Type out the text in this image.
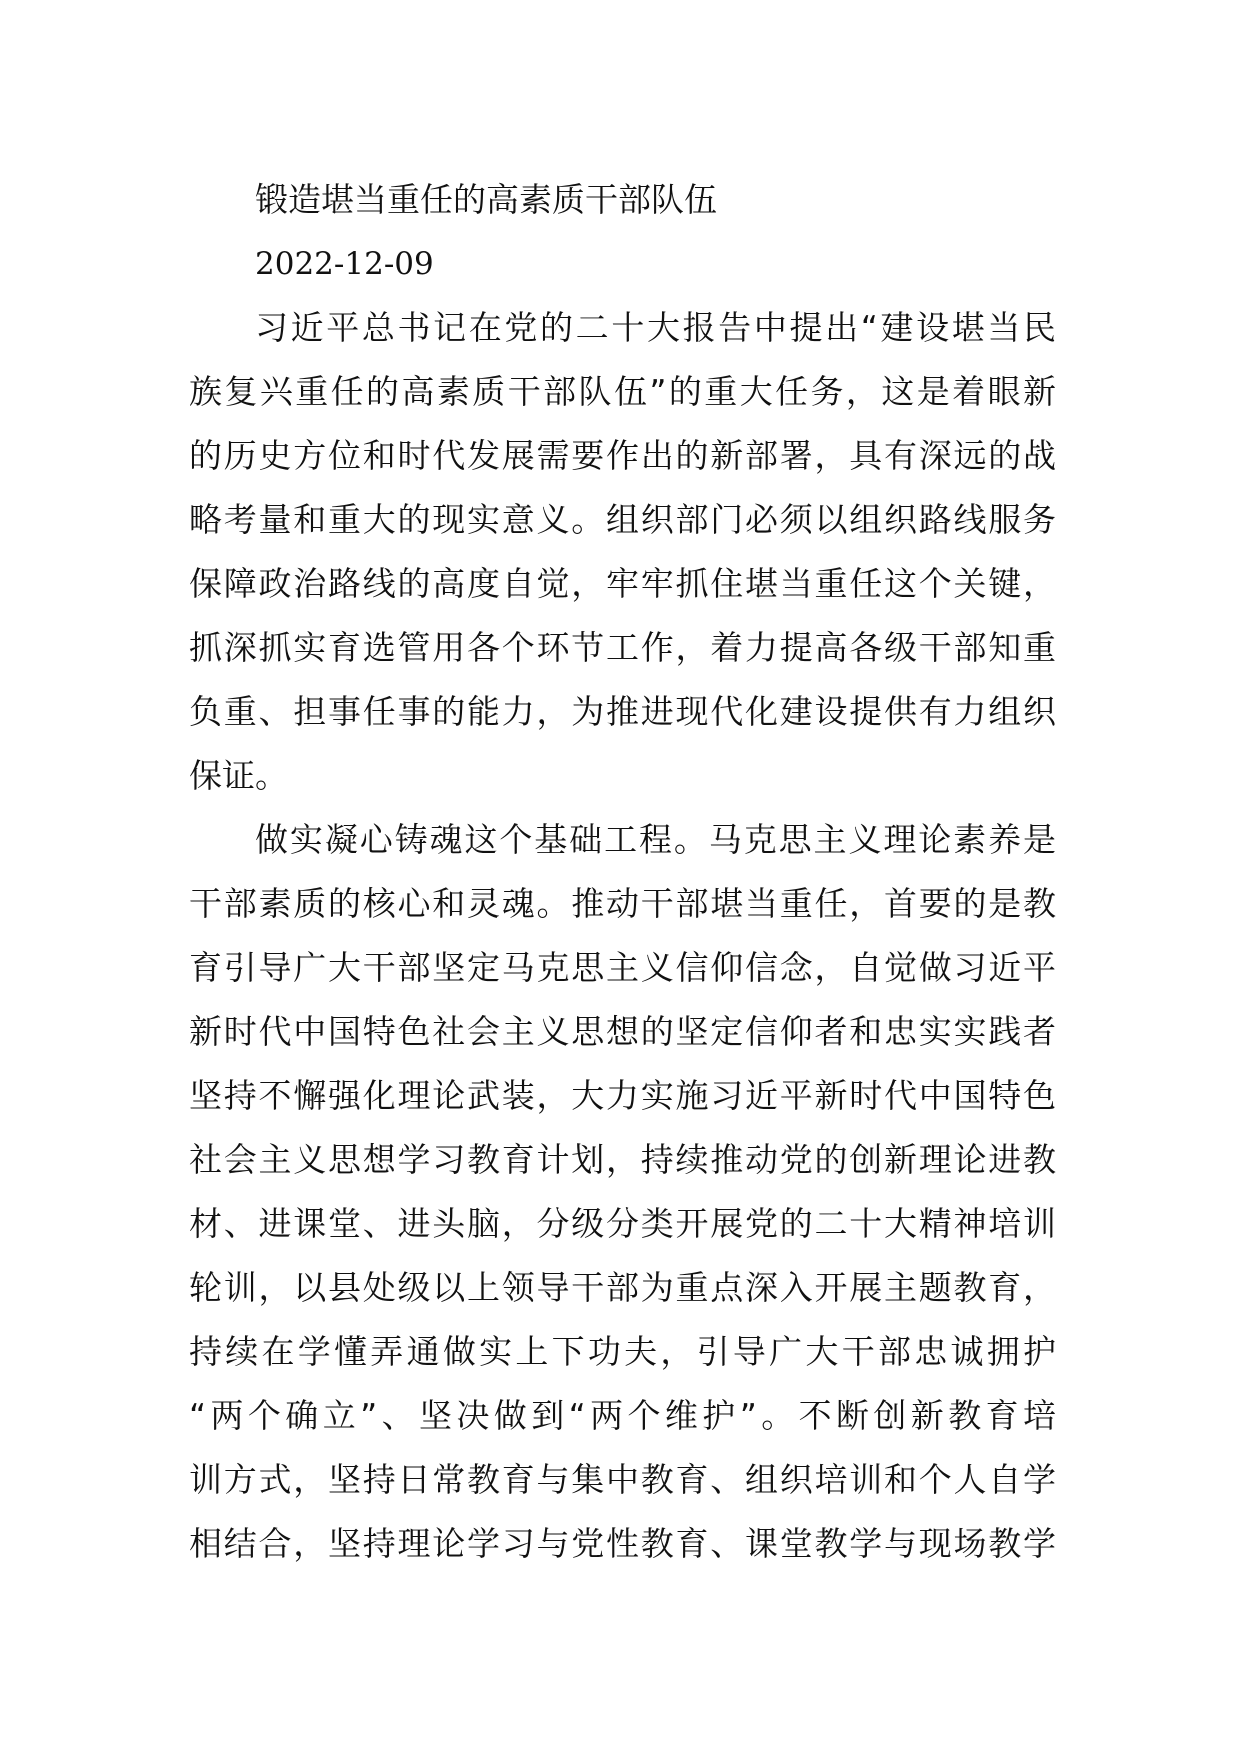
锻造堪当重任的高素质干部队伍
2022-12-09
习近平总书记在党的二十大报告中提出“建设堪当民
族复兴重任的高素质干部队伍”的重大任务，这是着眼新
的历史方位和时代发展需要作出的新部署，具有深远的战
略考量和重大的现实意义。组织部门必须以组织路线服务
保障政治路线的高度自觉，牢牢抓住堪当重任这个关键，
抓深抓实育选管用各个环节工作，着力提高各级干部知重
负重、担事任事的能力，为推进现代化建设提供有力组织
保证。
做实凝心铸魂这个基础工程。马克思主义理论素养是
干部素质的核心和灵魂。推动干部堪当重任，首要的是教
育引导广大干部坚定马克思主义信仰信念，自觉做习近平
新时代中国特色社会主义思想的坚定信仰者和忠实实践者
坚持不懈强化理论武装，大力实施习近平新时代中国特色
社会主义思想学习教育计划，持续推动党的创新理论进教
材、进课堂、进头脑，分级分类开展党的二十大精神培训
轮训，以县处级以上领导干部为重点深入开展主题教育，
持续在学懂弄通做实上下功夫，引导广大干部忠诚拥护
“两个确立”、坚决做到“两个维护”。不断创新教育培
训方式，坚持日常教育与集中教育、组织培训和个人自学
相结合，坚持理论学习与党性教育、课堂教学与现场教学
